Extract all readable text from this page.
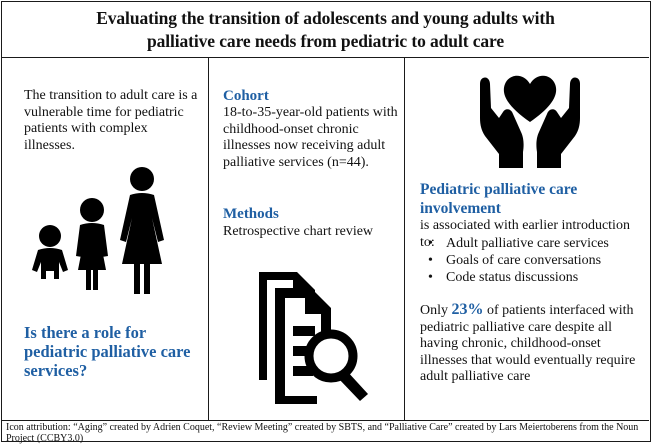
Evaluating the transition of adolescents and young adults with
palliative care needs from pediatric to adult care
The transition to adult care is a vulnerable time for pediatric patients with complex illnesses.
Is there a role for pediatric palliative care services?
Cohort
18-to-35-year-old patients with childhood-onset chronic illnesses now receiving adult palliative services (n=44).
Methods
Retrospective chart review
Pediatric palliative care involvement
is associated with earlier introduction to:
• Adult palliative care services
• Goals of care conversations
• Code status discussions
Only 23% of patients interfaced with pediatric palliative care despite all having chronic, childhood-onset illnesses that would eventually require adult palliative care
Icon attribution: “Aging” created by Adrien Coquet, “Review Meeting” created by SBTS, and “Palliative Care” created by Lars Meiertoberens from the Noun Project (CCBY3.0)
